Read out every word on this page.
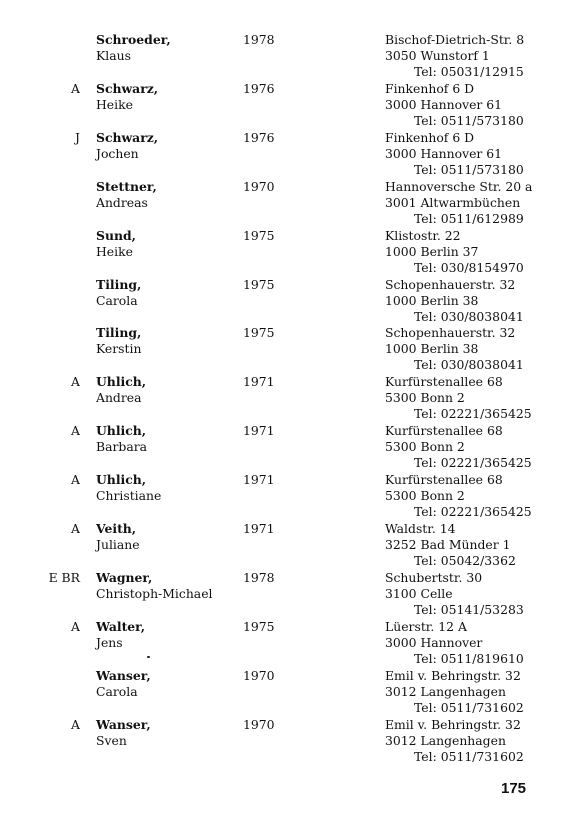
Schroeder,
Klaus
1978	Bischof-Dietrich-Str. 8
3050 Wunstorf 1
Tel: 05031/12915
A Schwarz,
Heike
1976	Finkenhof 6 D
3000 Hannover 61
Tel: 0511/573180
J Schwarz,
Jochen
1976	Finkenhof 6 D
3000 Hannover 61
Tel: 0511/573180
Stettner,
Andreas
1970	Hannoversche Str. 20 a
3001 Altwarmbüchen
Tel: 0511/612989
Sund,
Heike
1975	Klistostr. 22
1000 Berlin 37
Tel: 030/8154970
Tiling,
Carola
1975	Schopenhauerstr. 32
1000 Berlin 38
Tel: 030/8038041
Tiling,
Kerstin
1975	Schopenhauerstr. 32
1000 Berlin 38
Tel: 030/8038041
A Uhlich,
Andrea
1971	Kurfürstenallee 68
5300 Bonn 2
Tel: 02221/365425
A Uhlich,
Barbara
1971	Kurfürstenallee 68
5300 Bonn 2
Tel: 02221/365425
A Uhlich,
Christiane
1971	Kurfürstenallee 68
5300 Bonn 2
Tel: 02221/365425
A Veith,
Juliane
1971	Waldstr. 14
3252 Bad Münder 1
Tel: 05042/3362
E BR Wagner,
Christoph-Michael
1978	Schubertstr. 30
3100 Celle
Tel: 05141/53283
A Walter,
Jens
1975	Lüerstr. 12 A
3000 Hannover
Tel: 0511/819610
Wanser,
Carola
1970	Emil v. Behringstr. 32
3012 Langenhagen
Tel: 0511/731602
A Wanser,
Sven
1970	Emil v. Behringstr. 32
3012 Langenhagen
Tel: 0511/731602
175
